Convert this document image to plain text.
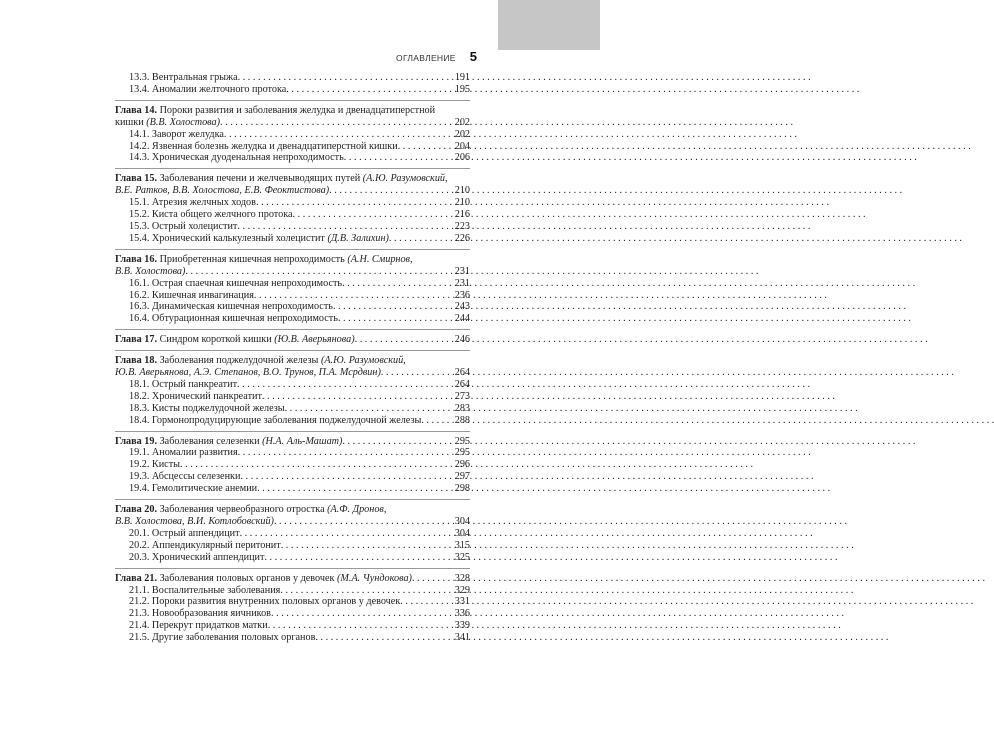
ОГЛАВЛЕНИЕ 5
13.3. Вентральная грыжа . . .	191
13.4. Аномалии желточного протока . . .	195
Глава 14. Пороки развития и заболевания желудка и двенадцатиперстной
кишки (В.В. Холостова) . . .	202
14.1. Заворот желудка . . .	202
14.2. Язвенная болезнь желудка и двенадцатиперстной кишки . . .	204
14.3. Хроническая дуоденальная непроходимость . . .	206
Глава 15. Заболевания печени и желчевыводящих путей (А.Ю. Разумовский,
В.Е. Ратков, В.В. Холостова, Е.В. Феоктистова) . . .	210
15.1. Атрезия желчных ходов . . .	210
15.2. Киста общего желчного протока . . .	216
15.3. Острый холецистит . . .	223
15.4. Хронический калькулезный холецистит (Д.В. Залихин) . . .	226
Глава 16. Приобретенная кишечная непроходимость (А.Н. Смирнов,
В.В. Холостова) . . .	231
16.1. Острая спаечная кишечная непроходимость . . .	231
16.2. Кишечная инвагинация . . .	236
16.3. Динамическая кишечная непроходимость . . .	243
16.4. Обтурационная кишечная непроходимость . . .	244
Глава 17. Синдром короткой кишки (Ю.В. Аверьянова) . . .	246
Глава 18. Заболевания поджелудочной железы (А.Ю. Разумовский,
Ю.В. Аверьянова, А.Э. Степанов, В.О. Трунов, П.А. Мсрдвин) . . .	264
18.1. Острый панкреатит . . .	264
18.2. Хронический панкреатит . . .	273
18.3. Кисты поджелудочной железы . . .	283
18.4. Гормонопродуцирующие заболевания поджелудочной железы . . .	288
Глава 19. Заболевания селезенки (Н.А. Аль-Машат) . . .	295
19.1. Аномалии развития . . .	295
19.2. Кисты . . .	296
19.3. Абсцессы селезенки . . .	297
19.4. Гемолитические анемии . . .	298
Глава 20. Заболевания червеобразного отростка (А.Ф. Дронов,
В.В. Холостова, В.И. Котлобовский) . . .	304
20.1. Острый аппендицит . . .	304
20.2. Аппендикулярный перитонит . . .	315
20.3. Хронический аппендицит . . .	325
Глава 21. Заболевания половых органов у девочек (М.А. Чундокова) . . .	328
21.1. Воспалительные заболевания . . .	329
21.2. Пороки развития внутренних половых органов у девочек . . .	331
21.3. Новообразования яичников . . .	336
21.4. Перекрут придатков матки . . .	339
21.5. Другие заболевания половых органов . . .	341
